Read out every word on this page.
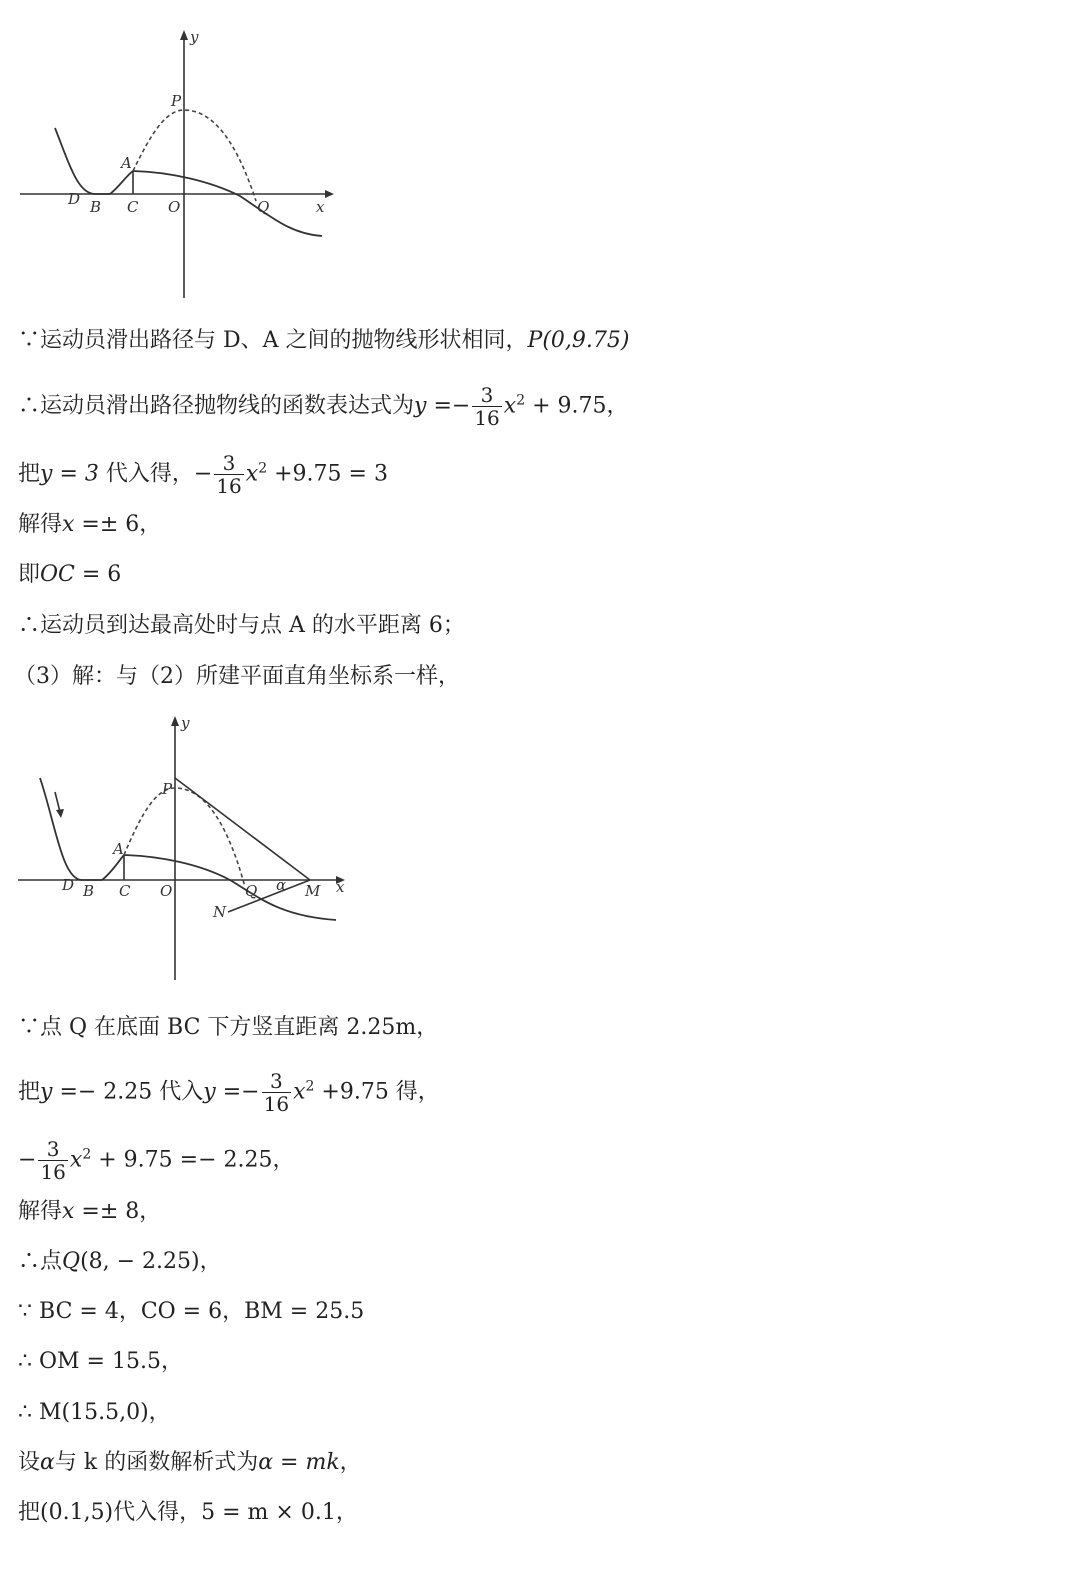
y
x
P
A
D B C O	Q
∵运动员滑出路径与 D、A 之间的抛物线形状相同，P(0,9.75)
∴运动员滑出路径抛物线的函数表达式为$y =- \frac{3}{16} x^2 + 9.75$，
把y = 3 代入得，− $\frac{3}{16} x^2 +9.75 = 3$
解得x =± 6，
即OC = 6
∴运动员到达最高处时与点 A 的水平距离 6；
（3）解：与（2）所建平面直角坐标系一样，
y
x
P
A
D B C O	Q α M
N
∵点 Q 在底面 BC 下方竖直距离 2.25m，
把y =− 2.25 代入$y =- \frac{3}{16} x^2 +9.75$ 得，
− $\frac{3}{16} x^2 + 9.75 =- 2.25$，
解得x =± 8，
∴点Q(8, − 2.25)，
∵ BC = 4，CO = 6，BM = 25.5
∴ OM = 15.5，
∴ M(15.5,0)，
设α与 k 的函数解析式为α = mk，
把(0.1,5)代入得，5 = m × 0.1，
